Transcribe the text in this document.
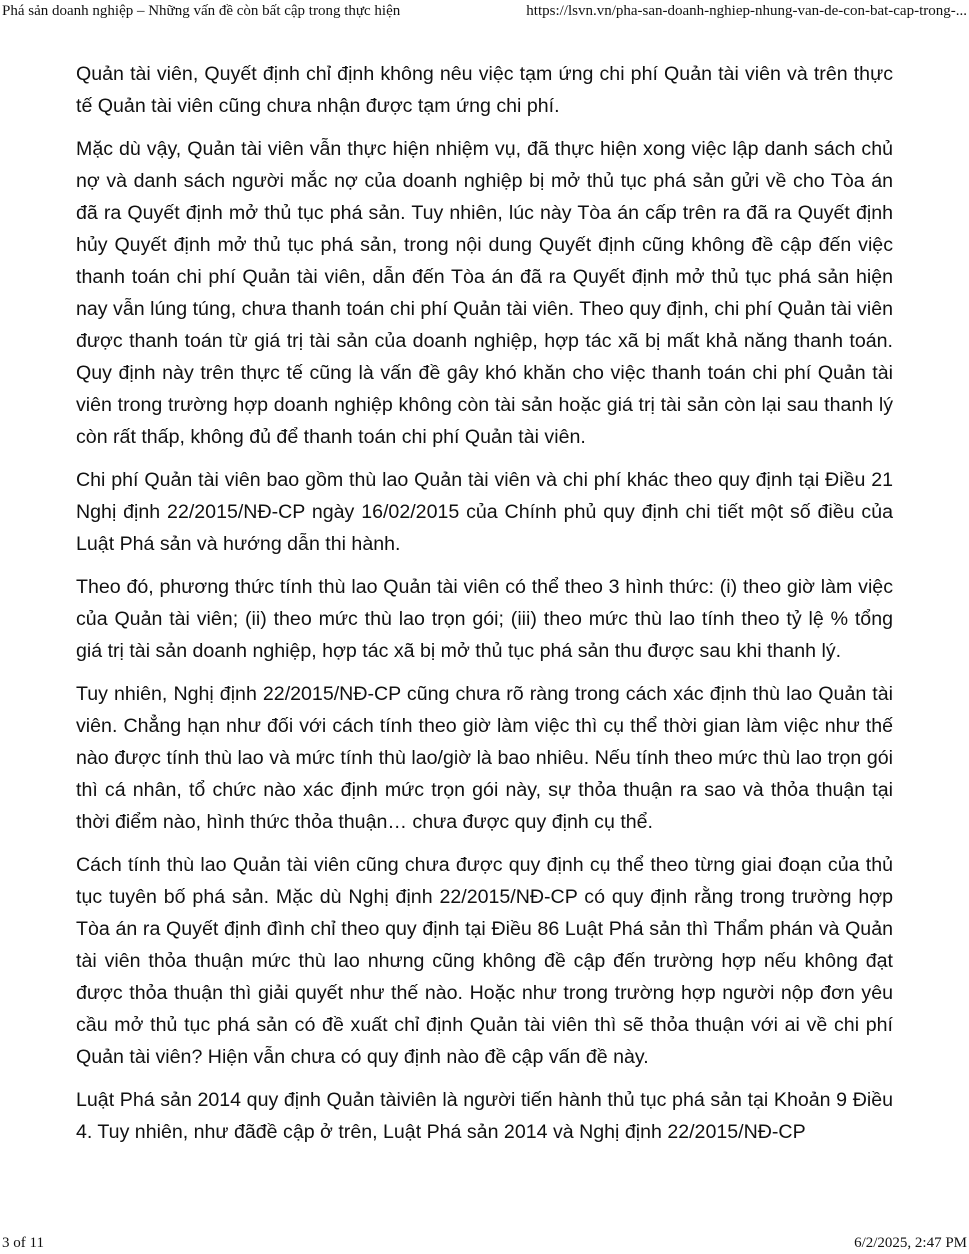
Phá sản doanh nghiệp – Những vấn đề còn bất cập trong thực hiện	https://lsvn.vn/pha-san-doanh-nghiep-nhung-van-de-con-bat-cap-trong-...

Quản tài viên, Quyết định chỉ định không nêu việc tạm ứng chi phí Quản tài viên và trên thực tế Quản tài viên cũng chưa nhận được tạm ứng chi phí.

Mặc dù vậy, Quản tài viên vẫn thực hiện nhiệm vụ, đã thực hiện xong việc lập danh sách chủ nợ và danh sách người mắc nợ của doanh nghiệp bị mở thủ tục phá sản gửi về cho Tòa án đã ra Quyết định mở thủ tục phá sản. Tuy nhiên, lúc này Tòa án cấp trên ra đã ra Quyết định hủy Quyết định mở thủ tục phá sản, trong nội dung Quyết định cũng không đề cập đến việc thanh toán chi phí Quản tài viên, dẫn đến Tòa án đã ra Quyết định mở thủ tục phá sản hiện nay vẫn lúng túng, chưa thanh toán chi phí Quản tài viên. Theo quy định, chi phí Quản tài viên được thanh toán từ giá trị tài sản của doanh nghiệp, hợp tác xã bị mất khả năng thanh toán. Quy định này trên thực tế cũng là vấn đề gây khó khăn cho việc thanh toán chi phí Quản tài viên trong trường hợp doanh nghiệp không còn tài sản hoặc giá trị tài sản còn lại sau thanh lý còn rất thấp, không đủ để thanh toán chi phí Quản tài viên.

Chi phí Quản tài viên bao gồm thù lao Quản tài viên và chi phí khác theo quy định tại Điều 21 Nghị định 22/2015/NĐ-CP ngày 16/02/2015 của Chính phủ quy định chi tiết một số điều của Luật Phá sản và hướng dẫn thi hành.

Theo đó, phương thức tính thù lao Quản tài viên có thể theo 3 hình thức: (i) theo giờ làm việc của Quản tài viên; (ii) theo mức thù lao trọn gói; (iii) theo mức thù lao tính theo tỷ lệ % tổng giá trị tài sản doanh nghiệp, hợp tác xã bị mở thủ tục phá sản thu được sau khi thanh lý.

Tuy nhiên, Nghị định 22/2015/NĐ-CP cũng chưa rõ ràng trong cách xác định thù lao Quản tài viên. Chẳng hạn như đối với cách tính theo giờ làm việc thì cụ thể thời gian làm việc như thế nào được tính thù lao và mức tính thù lao/giờ là bao nhiêu. Nếu tính theo mức thù lao trọn gói thì cá nhân, tổ chức nào xác định mức trọn gói này, sự thỏa thuận ra sao và thỏa thuận tại thời điểm nào, hình thức thỏa thuận… chưa được quy định cụ thể.

Cách tính thù lao Quản tài viên cũng chưa được quy định cụ thể theo từng giai đoạn của thủ tục tuyên bố phá sản. Mặc dù Nghị định 22/2015/NĐ-CP có quy định rằng trong trường hợp Tòa án ra Quyết định đình chỉ theo quy định tại Điều 86 Luật Phá sản thì Thẩm phán và Quản tài viên thỏa thuận mức thù lao nhưng cũng không đề cập đến trường hợp nếu không đạt được thỏa thuận thì giải quyết như thế nào. Hoặc như trong trường hợp người nộp đơn yêu cầu mở thủ tục phá sản có đề xuất chỉ định Quản tài viên thì sẽ thỏa thuận với ai về chi phí Quản tài viên? Hiện vẫn chưa có quy định nào đề cập vấn đề này.

Luật Phá sản 2014 quy định Quản tàiviên là người tiến hành thủ tục phá sản tại Khoản 9 Điều 4. Tuy nhiên, như đãđề cập ở trên, Luật Phá sản 2014 và Nghị định 22/2015/NĐ-CP

3 of 11	6/2/2025, 2:47 PM
